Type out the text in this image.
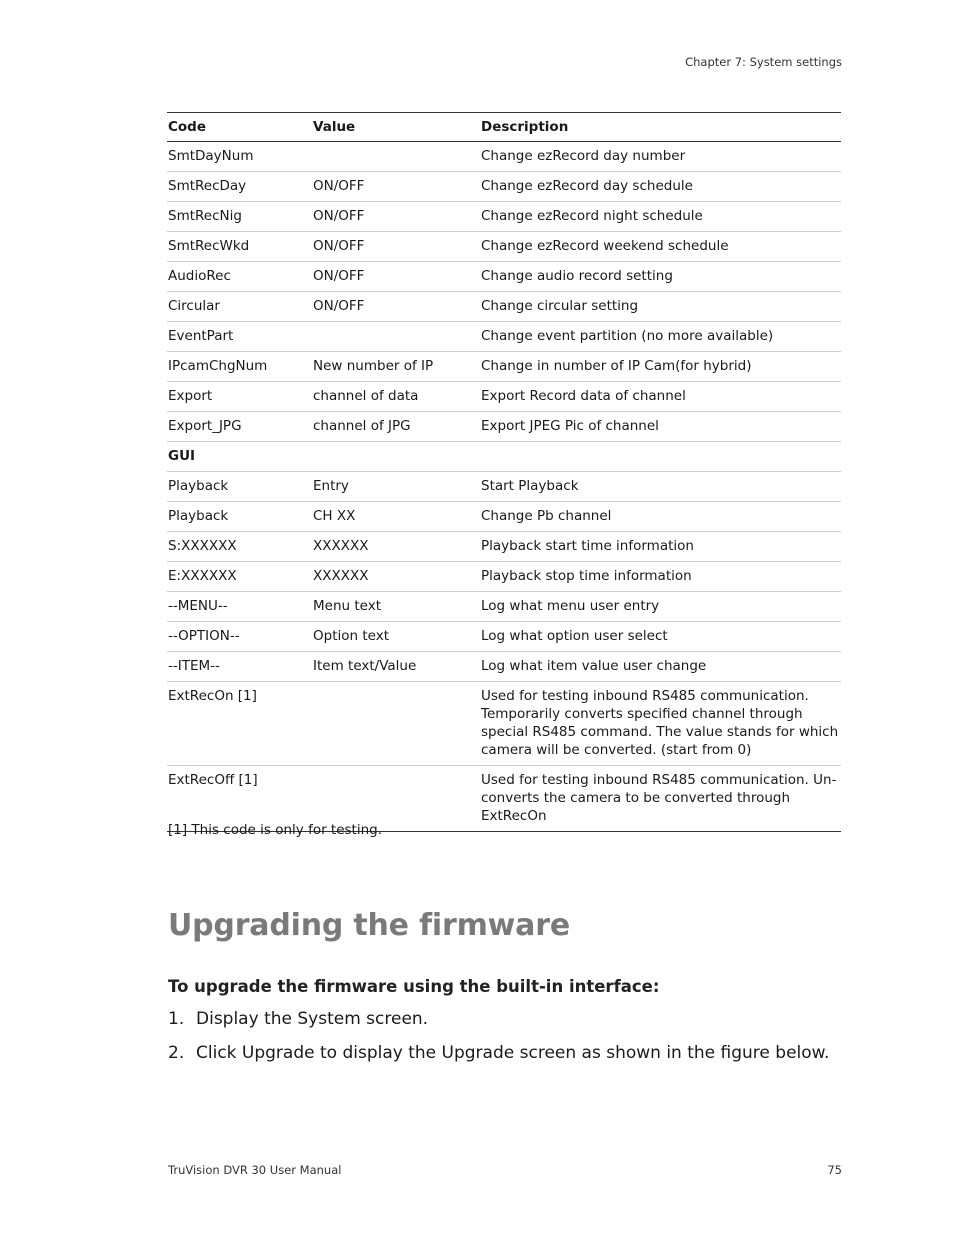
Chapter 7: System settings
Code	Value	Description
SmtDayNum		Change ezRecord day number
SmtRecDay	ON/OFF	Change ezRecord day schedule
SmtRecNig	ON/OFF	Change ezRecord night schedule
SmtRecWkd	ON/OFF	Change ezRecord weekend schedule
AudioRec	ON/OFF	Change audio record setting
Circular	ON/OFF	Change circular setting
EventPart		Change event partition (no more available)
IPcamChgNum	New number of IP	Change in number of IP Cam(for hybrid)
Export	channel of data	Export Record data of channel
Export_JPG	channel of JPG	Export JPEG Pic of channel
GUI		
Playback	Entry	Start Playback
Playback	CH XX	Change Pb channel
S:XXXXXX	XXXXXX	Playback start time information
E:XXXXXX	XXXXXX	Playback stop time information
--MENU--	Menu text	Log what menu user entry
--OPTION--	Option text	Log what option user select
--ITEM--	Item text/Value	Log what item value user change
ExtRecOn [1]		Used for testing inbound RS485 communication. Temporarily converts specified channel through special RS485 command. The value stands for which camera will be converted. (start from 0)
ExtRecOff [1]		Used for testing inbound RS485 communication. Un-converts the camera to be converted through ExtRecOn
[1] This code is only for testing.
Upgrading the firmware
To upgrade the firmware using the built-in interface:
1. Display the System screen.
2. Click Upgrade to display the Upgrade screen as shown in the figure below.
TruVision DVR 30 User Manual	75
